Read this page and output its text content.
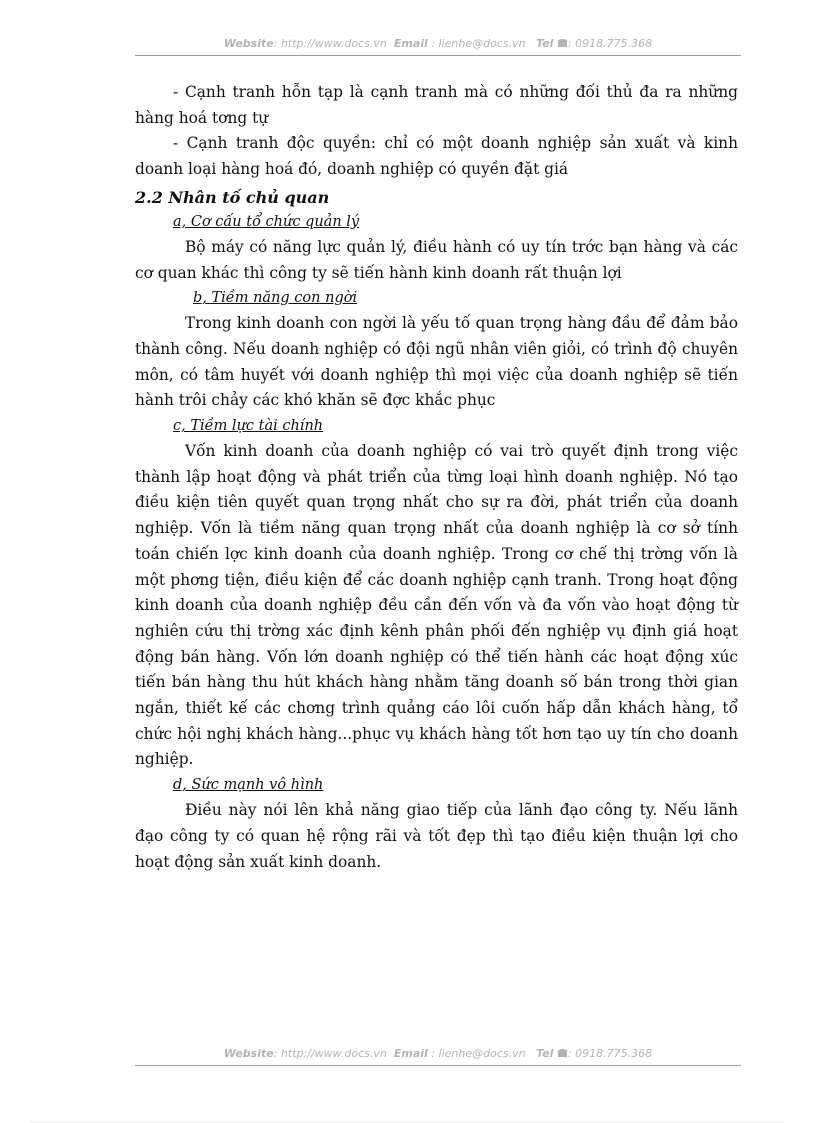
Website: http://www.docs.vn Email : lienhe@docs.vn Tel : 0918.775.368

- Cạnh tranh hỗn tạp là cạnh tranh mà có những đối thủ đa ra những hàng hoá tơng tự

- Cạnh tranh độc quyền: chỉ có một doanh nghiệp sản xuất và kinh doanh loại hàng hoá đó, doanh nghiệp có quyền đặt giá

2.2 Nhân tố chủ quan
a, Cơ cấu tổ chức quản lý

Bộ máy có năng lực quản lý, điều hành có uy tín trớc bạn hàng và các cơ quan khác thì công ty sẽ tiến hành kinh doanh rất thuận lợi

b, Tiềm năng con ngời

Trong kinh doanh con ngời là yếu tố quan trọng hàng đầu để đảm bảo thành công. Nếu doanh nghiệp có đội ngũ nhân viên giỏi, có trình độ chuyên môn, có tâm huyết với doanh nghiệp thì mọi việc của doanh nghiệp sẽ tiến hành trôi chảy các khó khăn sẽ đợc khắc phục

c, Tiềm lực tài chính

Vốn kinh doanh của doanh nghiệp có vai trò quyết định trong việc thành lập hoạt động và phát triển của từng loại hình doanh nghiệp. Nó tạo điều kiện tiên quyết quan trọng nhất cho sự ra đời, phát triển của doanh nghiệp. Vốn là tiềm năng quan trọng nhất của doanh nghiệp là cơ sở tính toán chiến lợc kinh doanh của doanh nghiệp. Trong cơ chế thị trờng vốn là một phơng tiện, điều kiện để các doanh nghiệp cạnh tranh. Trong hoạt động kinh doanh của doanh nghiệp đều cần đến vốn và đa vốn vào hoạt động từ nghiên cứu thị trờng xác định kênh phân phối đến nghiệp vụ định giá hoạt động bán hàng. Vốn lớn doanh nghiệp có thể tiến hành các hoạt động xúc tiến bán hàng thu hút khách hàng nhằm tăng doanh số bán trong thời gian ngắn, thiết kế các chơng trình quảng cáo lôi cuốn hấp dẫn khách hàng, tổ chức hội nghị khách hàng...phục vụ khách hàng tốt hơn tạo uy tín cho doanh nghiệp.

d, Sức mạnh vô hình

Điều này nói lên khả năng giao tiếp của lãnh đạo công ty. Nếu lãnh đạo công ty có quan hệ rộng rãi và tốt đẹp thì tạo điều kiện thuận lợi cho hoạt động sản xuất kinh doanh.

Website: http://www.docs.vn Email : lienhe@docs.vn Tel : 0918.775.368
